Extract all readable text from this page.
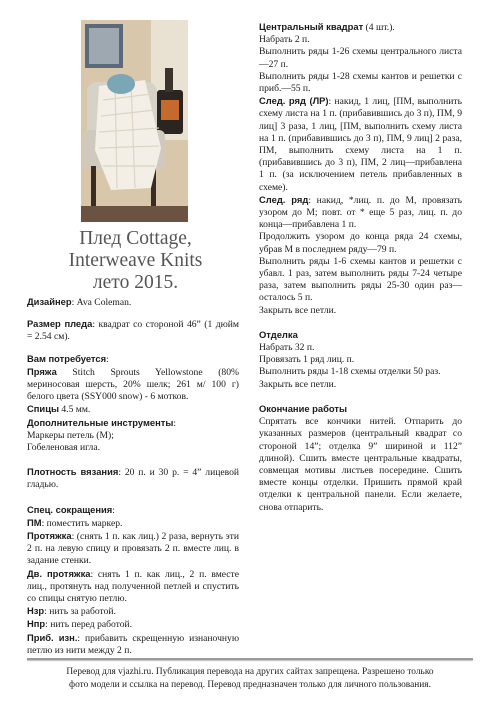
Плед Cottage,
Interweave Knits
лето 2015.

Дизайнер: Ava Coleman.

Размер пледа: квадрат со стороной 46” (1 дюйм = 2.54 см).

Вам потребуется:

Пряжа Stitch Sprouts Yellowstone (80% мериносовая шерсть, 20% шелк; 261 м/ 100 г) белого цвета (SSY000 snow) - 6 мотков.

Спицы 4.5 мм.

Дополнительные инструменты:

Маркеры петель (М);

Гобеленовая игла.

Плотность вязания: 20 п. и 30 р. = 4” лицевой гладью.

Спец. сокращения:

ПМ: поместить маркер.

Протяжка: (снять 1 п. как лиц.) 2 раза, вернуть эти 2 п. на левую спицу и провязать 2 п. вместе лиц. в задание стенки.

Дв. протяжка: снять 1 п. как лиц., 2 п. вместе лиц., протянуть над полученной петлей и спустить со спицы снятую петлю.

Нзр: нить за работой.

Нпр: нить перед работой.

Приб. изн.: прибавить скрещенную изнаночную петлю из нити между 2 п.

Центральный квадрат (4 шт.).

Набрать 2 п.

Выполнить ряды 1-26 схемы центрального листа—27 п.

Выполнить ряды 1-28 схемы кантов и решетки с приб.—55 п.

След. ряд (ЛР): накид, 1 лиц, [ПМ, выполнить схему листа на 1 п. (прибавившись до 3 п), ПМ, 9 лиц] 3 раза, 1 лиц, [ПМ, выполнить схему листа на 1 п. (прибавившись до 3 п), ПМ, 9 лиц] 2 раза, ПМ, выполнить схему листа на 1 п. (прибавившись до 3 п), ПМ, 2 лиц—прибавлена 1 п. (за исключением петель прибавленных в схеме).

След. ряд: накид, *лиц. п. до М, провязать узором до М; повт. от * еще 5 раз, лиц. п. до конца—прибавлена 1 п.

Продолжить узором до конца ряда 24 схемы, убрав М в последнем ряду—79 п.

Выполнить ряды 1-6 схемы кантов и решетки с убавл. 1 раз, затем выполнить ряды 7-24 четыре раза, затем выполнить ряды 25-30 один раз—осталось 5 п.

Закрыть все петли.

Отделка

Набрать 32 п.

Провязать 1 ряд лиц. п.

Выполнить ряды 1-18 схемы отделки 50 раз.

Закрыть все петли.

Окончание работы

Спрятать все кончики нитей. Отпарить до указанных размеров (центральный квадрат со стороной 14”; отделка 9” шириной и 112” длиной). Сшить вместе центральные квадраты, совмещая мотивы листьев посередине. Сшить вместе концы отделки. Пришить прямой край отделки к центральной панели. Если желаете, снова отпарить.

Перевод для vjazhi.ru. Публикация перевода на других сайтах запрещена. Разрешено только
фото модели и ссылка на перевод. Перевод предназначен только для личного пользования.
